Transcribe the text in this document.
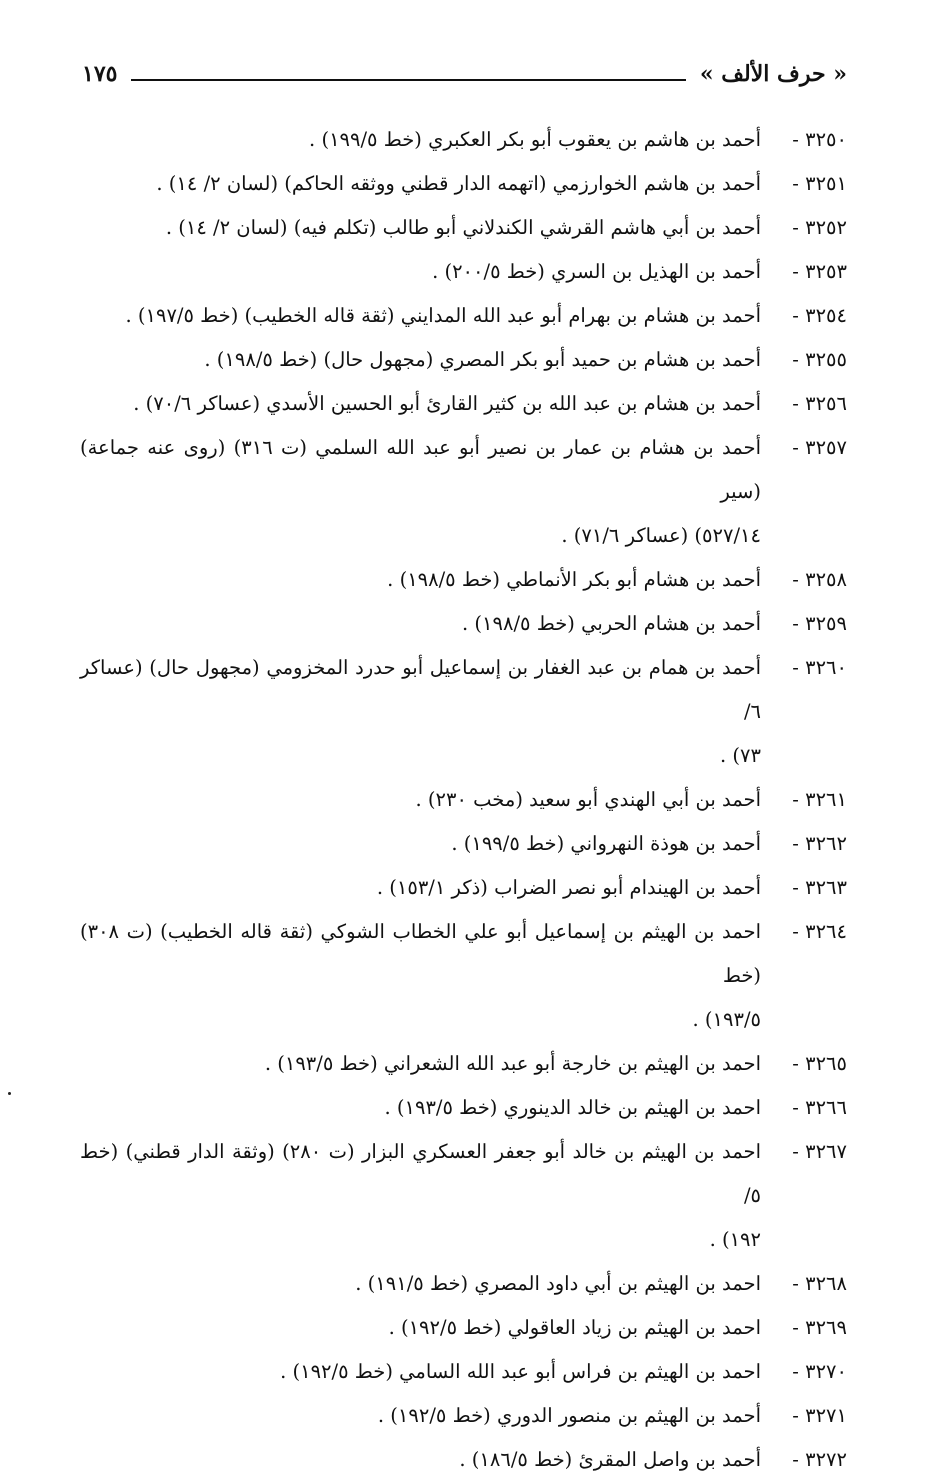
« حرف الألف »
١٧٥
٣٢٥٠ -
أحمد بن هاشم بن يعقوب أبو بكر العكبري (خط ١٩٩/٥) .
٣٢٥١ -
أحمد بن هاشم الخوارزمي (اتهمه الدار قطني ووثقه الحاكم) (لسان ٢/ ١٤) .
٣٢٥٢ -
أحمد بن أبي هاشم القرشي الكندلاني أبو طالب (تكلم فيه) (لسان ٢/ ١٤) .
٣٢٥٣ -
أحمد بن الهذيل بن السري (خط ٢٠٠/٥) .
٣٢٥٤ -
أحمد بن هشام بن بهرام أبو عبد الله المدايني (ثقة قاله الخطيب) (خط ١٩٧/٥) .
٣٢٥٥ -
أحمد بن هشام بن حميد أبو بكر المصري (مجهول حال) (خط ١٩٨/٥) .
٣٢٥٦ -
أحمد بن هشام بن عبد الله بن كثير القارئ أبو الحسين الأسدي (عساكر ٧٠/٦) .
٣٢٥٧ -
أحمد بن هشام بن عمار بن نصير أبو عبد الله السلمي (ت ٣١٦) (روى عنه جماعة) (سير
٥٢٧/١٤) (عساكر ٧١/٦) .
٣٢٥٨ -
أحمد بن هشام أبو بكر الأنماطي (خط ١٩٨/٥) .
٣٢٥٩ -
أحمد بن هشام الحربي (خط ١٩٨/٥) .
٣٢٦٠ -
أحمد بن همام بن عبد الغفار بن إسماعيل أبو حدرد المخزومي (مجهول حال) (عساكر ٦/
٧٣) .
٣٢٦١ -
أحمد بن أبي الهندي أبو سعيد (مخب ٢٣٠) .
٣٢٦٢ -
أحمد بن هوذة النهرواني (خط ١٩٩/٥) .
٣٢٦٣ -
أحمد بن الهيندام أبو نصر الضراب (ذكر ١٥٣/١) .
٣٢٦٤ -
احمد بن الهيثم بن إسماعيل أبو علي الخطاب الشوكي (ثقة قاله الخطيب) (ت ٣٠٨) (خط
١٩٣/٥) .
٣٢٦٥ -
احمد بن الهيثم بن خارجة أبو عبد الله الشعراني (خط ١٩٣/٥) .
٣٢٦٦ -
احمد بن الهيثم بن خالد الدينوري (خط ١٩٣/٥) .
٣٢٦٧ -
احمد بن الهيثم بن خالد أبو جعفر العسكري البزار (ت ٢٨٠) (وثقة الدار قطني) (خط ٥/
١٩٢) .
٣٢٦٨ -
احمد بن الهيثم بن أبي داود المصري (خط ١٩١/٥) .
٣٢٦٩ -
احمد بن الهيثم بن زياد العاقولي (خط ١٩٢/٥) .
٣٢٧٠ -
احمد بن الهيثم بن فراس أبو عبد الله السامي (خط ١٩٢/٥) .
٣٢٧١ -
أحمد بن الهيثم بن منصور الدوري (خط ١٩٢/٥) .
٣٢٧٢ -
أحمد بن واصل المقرئ (خط ١٨٦/٥) .
